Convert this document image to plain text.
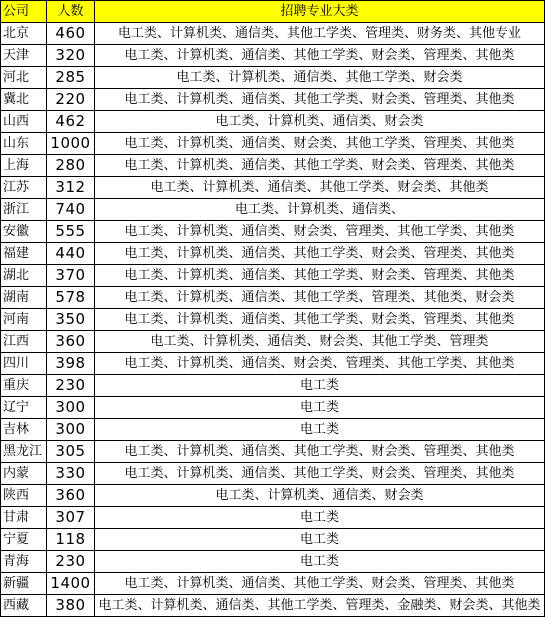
公司	人数	招聘专业大类
北京	460	电工类、计算机类、通信类、其他工学类、管理类、财务类、其他专业
天津	320	电工类、计算机类、通信类、其他工学类、财会类、管理类、其他类
河北	285	电工类、计算机类、通信类、其他工学类、财会类
冀北	220	电工类、计算机类、通信类、其他工学类、财会类、管理类、其他类
山西	462	电工类、计算机类、通信类、财会类
山东	1000	电工类、计算机类、通信类、财会类、其他工学类、管理类、其他类
上海	280	电工类、计算机类、通信类、其他工学类、财会类、管理类、其他类
江苏	312	电工类、计算机类、通信类、其他工学类、财会类、其他类
浙江	740	电工类、计算机类、通信类、
安徽	555	电工类、计算机类、通信类、财会类、管理类、其他工学类、其他类
福建	440	电工类、计算机类、通信类、其他工学类、财会类、管理类、其他类
湖北	370	电工类、计算机类、通信类、其他工学类、财会类、管理类、其他类
湖南	578	电工类、计算机类、通信类、其他工学类、管理类、其他类、财会类
河南	350	电工类、计算机类、通信类、其他工学类、财会类、管理类、其他类
江西	360	电工类、计算机类、通信类、财会类、其他工学类、管理类
四川	398	电工类、计算机类、通信类、财会类、管理类、其他工学类、其他类
重庆	230	电工类
辽宁	300	电工类
吉林	300	电工类
黑龙江	305	电工类、计算机类、通信类、其他工学类、财会类、管理类、其他类
内蒙	330	电工类、计算机类、通信类、其他工学类、财会类、管理类、其他类
陕西	360	电工类、计算机类、通信类、财会类
甘肃	307	电工类
宁夏	118	电工类
青海	230	电工类
新疆	1400	电工类、计算机类、通信类、其他工学类、财会类、管理类、其他类
西藏	380	电工类、计算机类、通信类、其他工学类、管理类、金融类、财会类、其他类
